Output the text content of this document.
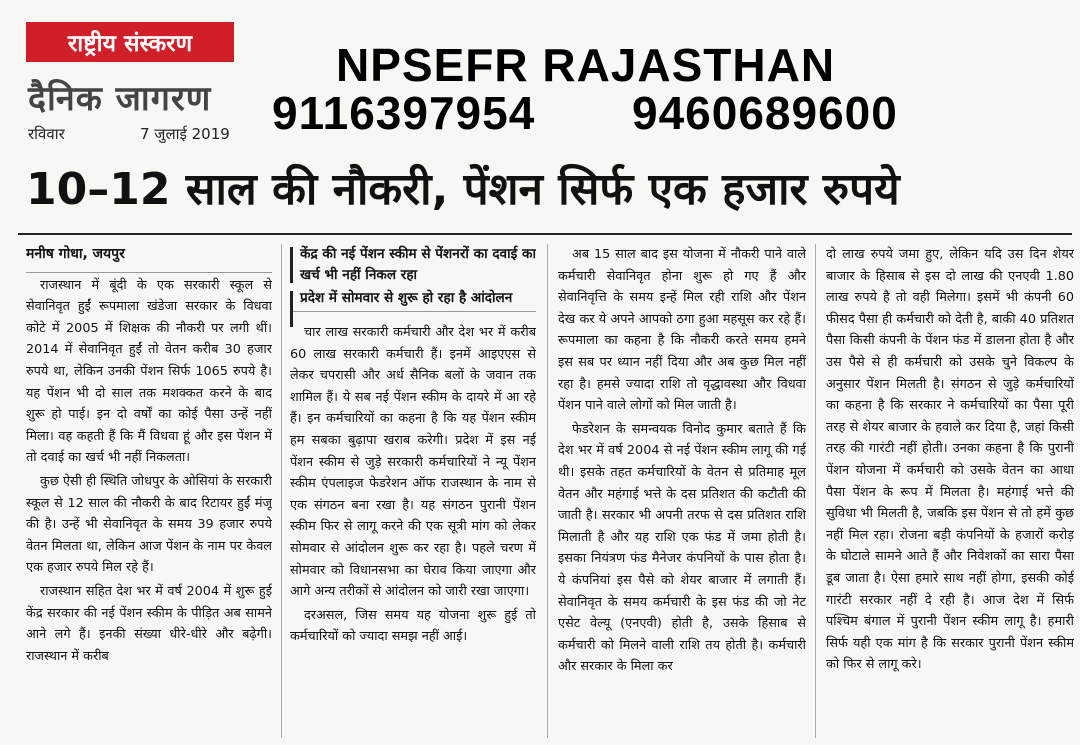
राष्ट्रीय संस्करण
दैनिक जागरण
रविवार	7 जुलाई 2019
NPSEFR RAJASTHAN
9116397954 9460689600
10–12 साल की नौकरी, पेंशन सिर्फ एक हजार रुपये

मनीष गोधा, जयपुर

राजस्थान में बूंदी के एक सरकारी स्कूल से सेवानिवृत हुईं रूपमाला खंडेजा सरकार के विधवा कोटे में 2005 में शिक्षक की नौकरी पर लगी थीं। 2014 में सेवानिवृत हुईं तो वेतन करीब 30 हजार रुपये था, लेकिन उनकी पेंशन सिर्फ 1065 रुपये है। यह पेंशन भी दो साल तक मशक्कत करने के बाद शुरू हो पाई। इन दो वर्षों का कोई पैसा उन्हें नहीं मिला। वह कहती हैं कि मैं विधवा हूं और इस पेंशन में तो दवाई का खर्च भी नहीं निकलता।

कुछ ऐसी ही स्थिति जोधपुर के ओसियां के सरकारी स्कूल से 12 साल की नौकरी के बाद रिटायर हुईं मंजू की है। उन्हें भी सेवानिवृत के समय 39 हजार रुपये वेतन मिलता था, लेकिन आज पेंशन के नाम पर केवल एक हजार रुपये मिल रहे हैं।

राजस्थान सहित देश भर में वर्ष 2004 में शुरू हुई केंद्र सरकार की नई पेंशन स्कीम के पीड़ित अब सामने आने लगे हैं। इनकी संख्या धीरे-धीरे और बढ़ेगी। राजस्थान में करीब

केंद्र की नई पेंशन स्कीम से पेंशनरों का दवाई का खर्च भी नहीं निकल रहा

प्रदेश में सोमवार से शुरू हो रहा है आंदोलन

चार लाख सरकारी कर्मचारी और देश भर में करीब 60 लाख सरकारी कर्मचारी हैं। इनमें आइएएस से लेकर चपरासी और अर्ध सैनिक बलों के जवान तक शामिल हैं। ये सब नई पेंशन स्कीम के दायरे में आ रहे हैं। इन कर्मचारियों का कहना है कि यह पेंशन स्कीम हम सबका बुढ़ापा खराब करेगी। प्रदेश में इस नई पेंशन स्कीम से जुड़े सरकारी कर्मचारियों ने न्यू पेंशन स्कीम एंपलाइज फेडरेशन ऑफ राजस्थान के नाम से एक संगठन बना रखा है। यह संगठन पुरानी पेंशन स्कीम फिर से लागू करने की एक सूत्री मांग को लेकर सोमवार से आंदोलन शुरू कर रहा है। पहले चरण में सोमवार को विधानसभा का घेराव किया जाएगा और आगे अन्य तरीकों से आंदोलन को जारी रखा जाएगा।

दरअसल, जिस समय यह योजना शुरू हुई तो कर्मचारियों को ज्यादा समझ नहीं आई।

अब 15 साल बाद इस योजना में नौकरी पाने वाले कर्मचारी सेवानिवृत होना शुरू हो गए हैं और सेवानिवृत्ति के समय इन्हें मिल रही राशि और पेंशन देख कर ये अपने आपको ठगा हुआ महसूस कर रहे हैं। रूपमाला का कहना है कि नौकरी करते समय हमने इस सब पर ध्यान नहीं दिया और अब कुछ मिल नहीं रहा है। हमसे ज्यादा राशि तो वृद्धावस्था और विधवा पेंशन पाने वाले लोगों को मिल जाती है।

फेडरेशन के समन्वयक विनोद कुमार बताते हैं कि देश भर में वर्ष 2004 से नई पेंशन स्कीम लागू की गई थी। इसके तहत कर्मचारियों के वेतन से प्रतिमाह मूल वेतन और महंगाई भत्ते के दस प्रतिशत की कटौती की जाती है। सरकार भी अपनी तरफ से दस प्रतिशत राशि मिलाती है और यह राशि एक फंड में जमा होती है। इसका नियंत्रण फंड मैनेजर कंपनियों के पास होता है। ये कंपनियां इस पैसे को शेयर बाजार में लगाती हैं। सेवानिवृत के समय कर्मचारी के इस फंड की जो नेट एसेट वेल्यू (एनएवी) होती है, उसके हिसाब से कर्मचारी को मिलने वाली राशि तय होती है। कर्मचारी और सरकार के मिला कर

दो लाख रुपये जमा हुए, लेकिन यदि उस दिन शेयर बाजार के हिसाब से इस दो लाख की एनएवी 1.80 लाख रुपये है तो वही मिलेगा। इसमें भी कंपनी 60 फीसद पैसा ही कर्मचारी को देती है, बाकी 40 प्रतिशत पैसा किसी कंपनी के पेंशन फंड में डालना होता है और उस पैसे से ही कर्मचारी को उसके चुने विकल्प के अनुसार पेंशन मिलती है। संगठन से जुड़े कर्मचारियों का कहना है कि सरकार ने कर्मचारियों का पैसा पूरी तरह से शेयर बाजार के हवाले कर दिया है, जहां किसी तरह की गारंटी नहीं होती। उनका कहना है कि पुरानी पेंशन योजना में कर्मचारी को उसके वेतन का आधा पैसा पेंशन के रूप में मिलता है। महंगाई भत्ते की सुविधा भी मिलती है, जबकि इस पेंशन से तो हमें कुछ नहीं मिल रहा। रोजना बड़ी कंपनियों के हजारों करोड़ के घोटाले सामने आते हैं और निवेशकों का सारा पैसा डूब जाता है। ऐसा हमारे साथ नहीं होगा, इसकी कोई गारंटी सरकार नहीं दे रही है। आज देश में सिर्फ पश्चिम बंगाल में पुरानी पेंशन स्कीम लागू है। हमारी सिर्फ यही एक मांग है कि सरकार पुरानी पेंशन स्कीम को फिर से लागू करे।
